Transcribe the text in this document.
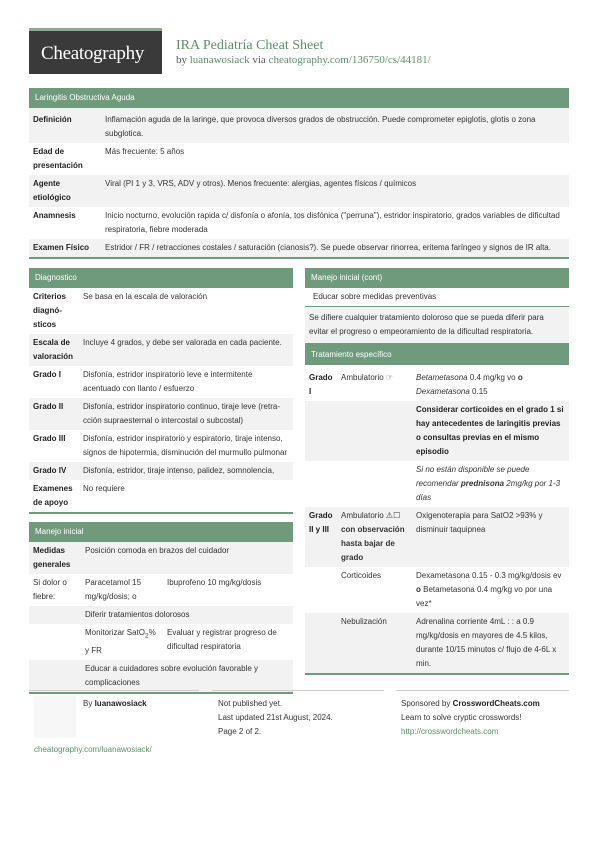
Cheatography IRA Pediatría Cheat Sheet
by luanawosiack via cheatography.com/136750/cs/44181/
Laringitis Obstructiva Aguda
Definición	Inflamación aguda de la laringe, que provoca diversos grados de obstrucción. Puede comprometer epiglotis, glotis o zona subglotica.
Edad de presentación	Más frecuente: 5 años
Agente etiológico	Viral (PI 1 y 3, VRS, ADV y otros). Menos frecuente: alergias, agentes físicos / químicos
Anamnesis	Inicio nocturno, evolución rapida c/ disfonía o afonía, tos disfónica ("perruna"), estridor inspiratorio, grados variables de dificultad respiratoria, fiebre moderada
Examen Físico	Estridor / FR / retracciones costales / saturación (cianosis?). Se puede observar rinorrea, eritema faríngeo y signos de IR alta.
Diagnostico
Criterios diagnósticos	Se basa en la escala de valoración
Escala de valoración	Incluye 4 grados, y debe ser valorada en cada paciente.
Grado I	Disfonía, estridor inspiratorio leve e intermitente acentuado con llanto / esfuerzo
Grado II	Disfonía, estridor inspiratorio continuo, tiraje leve (retracción supraesternal o intercostal o subcostal)
Grado III	Disfonía, estridor inspiratorio y espiratorio, tiraje intenso, signos de hipotermia, disminución del murmullo pulmonar
Grado IV	Disfonía, estridor, tiraje intenso, palidez, somnolencia,
Examenes de apoyo	No requiere
Manejo inicial
Medidas generales	Posición comoda en brazos del cuidador	
Si dolor o fiebre:	Paracetamol 15 mg/kg/dosis; o	Ibuprofeno 10 mg/kg/dosis
	Diferir tratamientos dolorosos	
	Monitorizar SatO$_2$% y FR	Evaluar y registrar progreso de dificultad respiratoria
	Educar a cuidadores sobre evolución favorable y complicaciones	
Manejo inicial (cont)
Educar sobre medidas preventivas
Se difiere cualquier tratamiento doloroso que se pueda diferir para evitar el progreso o empeoramiento de la dificultad respiratoria.
Tratamiento específico
Grado I	Ambulatorio ☞	Betametasona 0.4 mg/kg vo o Dexametasona 0.15
		Considerar corticoides en el grado 1 si hay antecedentes de laringitis previas o consultas previas en el mismo episodio
		Si no están disponible se puede recomendar prednisona 2mg/kg por 1-3 días
Grado II y III	Ambulatorio ⚠☐ con observación hasta bajar de grado	Oxigenoterapia para SatO2 >93% y disminuir taquipnea
	Corticoides	Dexametasona 0.15 - 0.3 mg/kg/dosis ev o Betametasona 0.4 mg/kg vo por una vez*
	Nebulización	Adrenalina corriente 4mL : : a 0.9 mg/kg/dosis en mayores de 4.5 kilos, durante 10/15 minutos c/ flujo de 4-6L x min.
By luanawosiack	Not published yet.
Last updated 21st August, 2024.
Page 2 of 2.
Sponsored by CrosswordCheats.com
Learn to solve cryptic crosswords!
http://crosswordcheats.com
cheatography.com/luanawosiack/
